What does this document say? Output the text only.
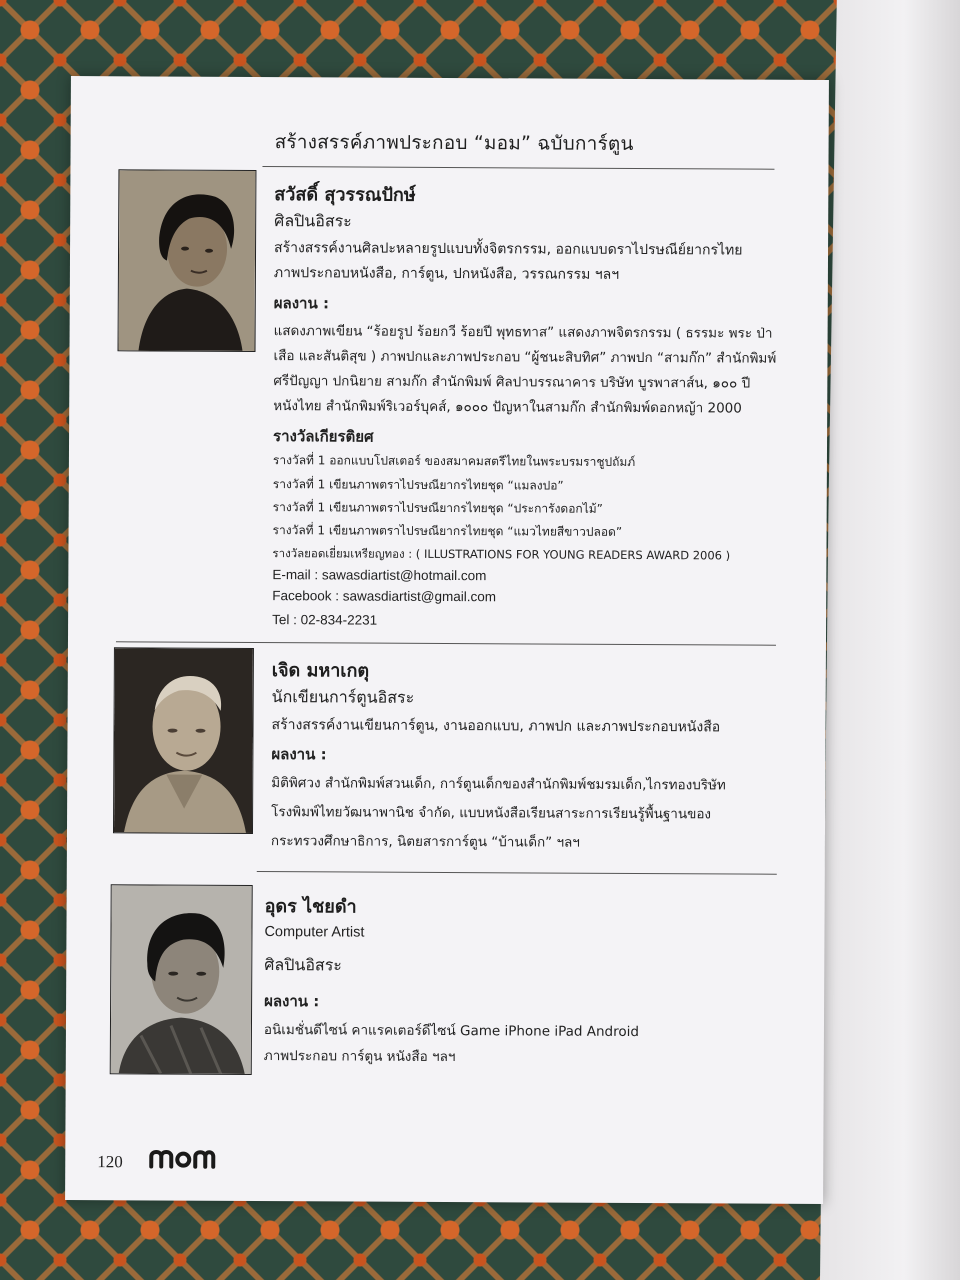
สร้างสรรค์ภาพประกอบ “มอม” ฉบับการ์ตูน
สวัสดิ์ สุวรรณปักษ์
ศิลปินอิสระ
สร้างสรรค์งานศิลปะหลายรูปแบบทั้งจิตรกรรม, ออกแบบดราไปรษณีย์ยากรไทย
ภาพประกอบหนังสือ, การ์ตูน, ปกหนังสือ, วรรณกรรม ฯลฯ
ผลงาน :
แสดงภาพเขียน “ร้อยรูป ร้อยกวี ร้อยปี พุทธทาส” แสดงภาพจิตรกรรม ( ธรรมะ พระ ป่า
เสือ และสันติสุข ) ภาพปกและภาพประกอบ “ผู้ชนะสิบทิศ” ภาพปก “สามก๊ก” สำนักพิมพ์
ศรีปัญญา ปกนิยาย สามก๊ก สำนักพิมพ์ ศิลปาบรรณาคาร บริษัท บูรพาสาส์น, ๑๐๐ ปี
หนังไทย สำนักพิมพ์ริเวอร์บุคส์, ๑๐๐๐ ปัญหาในสามก๊ก สำนักพิมพ์ดอกหญ้า 2000
รางวัลเกียรติยศ
รางวัลที่ 1 ออกแบบโปสเตอร์ ของสมาคมสตรีไทยในพระบรมราชูปถัมภ์
รางวัลที่ 1 เขียนภาพตราไปรษณียากรไทยชุด “แมลงปอ”
รางวัลที่ 1 เขียนภาพตราไปรษณียากรไทยชุด “ประการังดอกไม้”
รางวัลที่ 1 เขียนภาพตราไปรษณียากรไทยชุด “แมวไทยสีขาวปลอด”
รางวัลยอดเยี่ยมเหรียญทอง : ( ILLUSTRATIONS FOR YOUNG READERS AWARD 2006 )
E-mail : sawasdiartist@hotmail.com
Facebook : sawasdiartist@gmail.com
Tel : 02-834-2231
เจิด มหาเกตุ
นักเขียนการ์ตูนอิสระ
สร้างสรรค์งานเขียนการ์ตูน, งานออกแบบ, ภาพปก และภาพประกอบหนังสือ
ผลงาน :
มิติพิศวง สำนักพิมพ์สวนเด็ก, การ์ตูนเด็กของสำนักพิมพ์ชมรมเด็ก,ไกรทองบริษัท
โรงพิมพ์ไทยวัฒนาพานิช จำกัด, แบบหนังสือเรียนสาระการเรียนรู้พื้นฐานของ
กระทรวงศึกษาธิการ, นิตยสารการ์ตูน “บ้านเด็ก” ฯลฯ
อุดร ไชยดำ
Computer Artist
ศิลปินอิสระ
ผลงาน :
อนิเมชั่นดีไซน์ คาแรคเตอร์ดีไซน์ Game iPhone iPad Android
ภาพประกอบ การ์ตูน หนังสือ ฯลฯ
120
